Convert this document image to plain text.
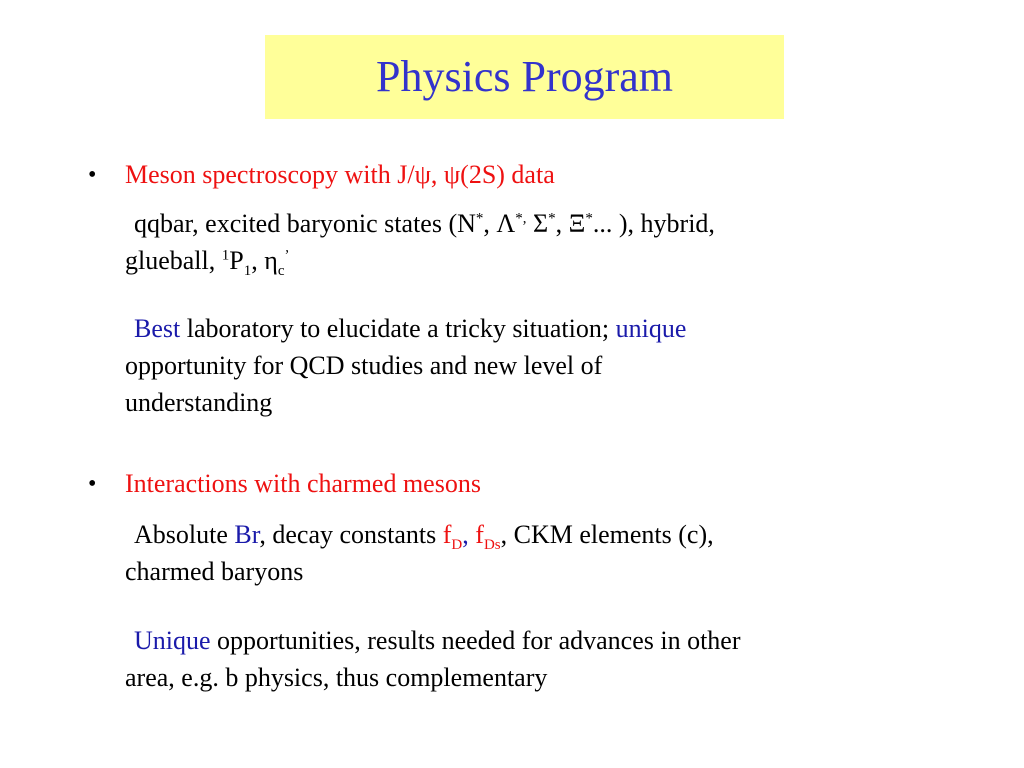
Physics Program
• Meson spectroscopy with J/ψ, ψ(2S) data
qqbar, excited baryonic states (N*, Λ*, Σ*, Ξ*... ), hybrid,
glueball, $^1P_1$, $\eta_c^’$
Best laboratory to elucidate a tricky situation; unique
opportunity for QCD studies and new level of
understanding
• Interactions with charmed mesons
Absolute Br, decay constants $f_D$, $f_{Ds}$, CKM elements (c),
charmed baryons
Unique opportunities, results needed for advances in other
area, e.g. b physics, thus complementary
